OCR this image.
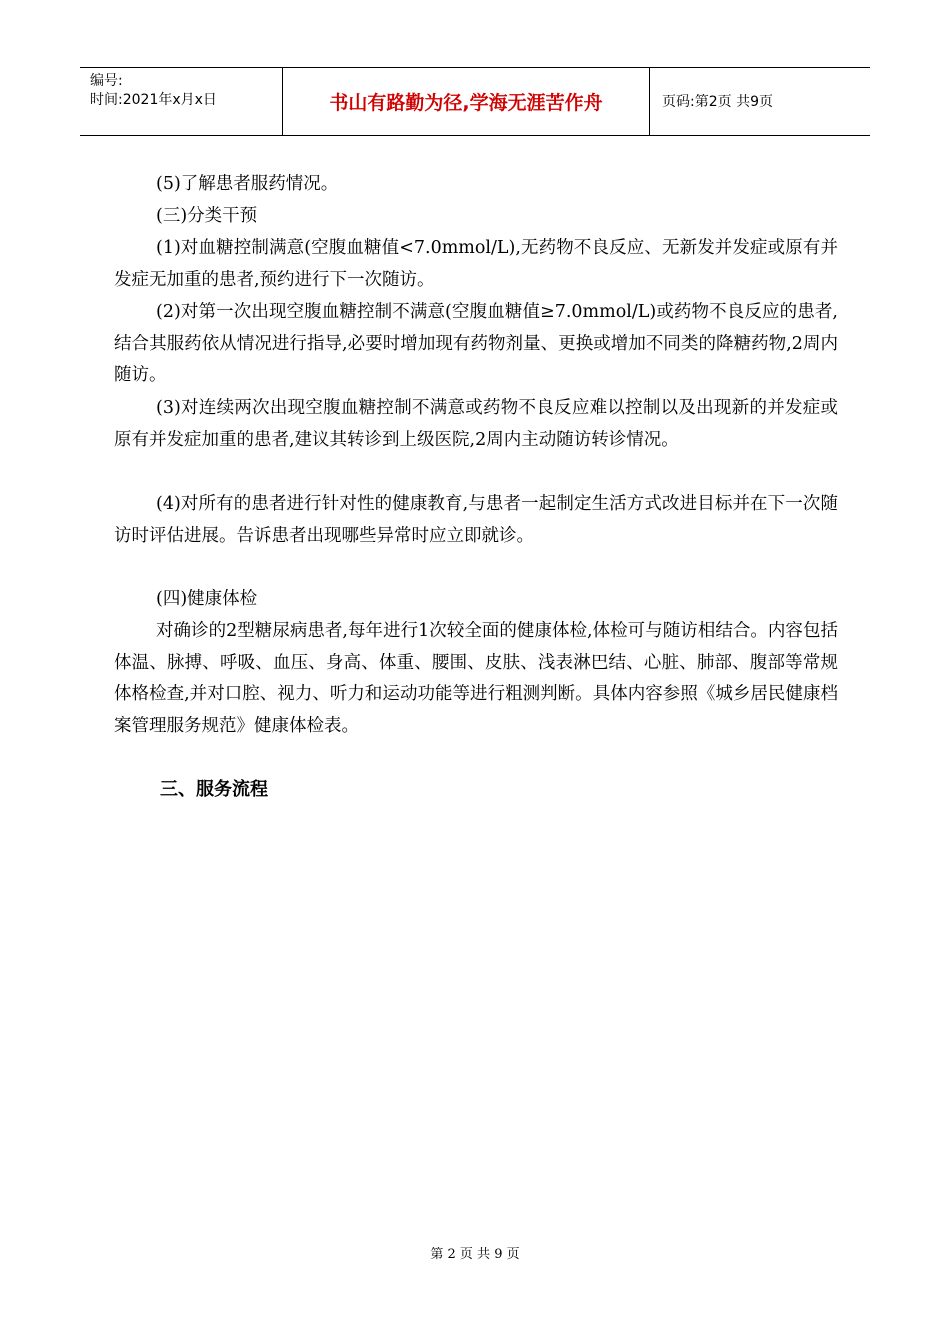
编号:
时间:2021年x月x日	书山有路勤为径,学海无涯苦作舟	页码:第2页 共9页

(5)了解患者服药情况。

(三)分类干预

(1)对血糖控制满意(空腹血糖值<7.0mmol/L),无药物不良反应、无新发并发症或原有并发症无加重的患者,预约进行下一次随访。

(2)对第一次出现空腹血糖控制不满意(空腹血糖值≥7.0mmol/L)或药物不良反应的患者,结合其服药依从情况进行指导,必要时增加现有药物剂量、更换或增加不同类的降糖药物,2周内随访。

(3)对连续两次出现空腹血糖控制不满意或药物不良反应难以控制以及出现新的并发症或原有并发症加重的患者,建议其转诊到上级医院,2周内主动随访转诊情况。

(4)对所有的患者进行针对性的健康教育,与患者一起制定生活方式改进目标并在下一次随访时评估进展。告诉患者出现哪些异常时应立即就诊。

(四)健康体检

对确诊的2型糖尿病患者,每年进行1次较全面的健康体检,体检可与随访相结合。内容包括体温、脉搏、呼吸、血压、身高、体重、腰围、皮肤、浅表淋巴结、心脏、肺部、腹部等常规体格检查,并对口腔、视力、听力和运动功能等进行粗测判断。具体内容参照《城乡居民健康档案管理服务规范》健康体检表。

三、服务流程
第 2 页 共 9 页
